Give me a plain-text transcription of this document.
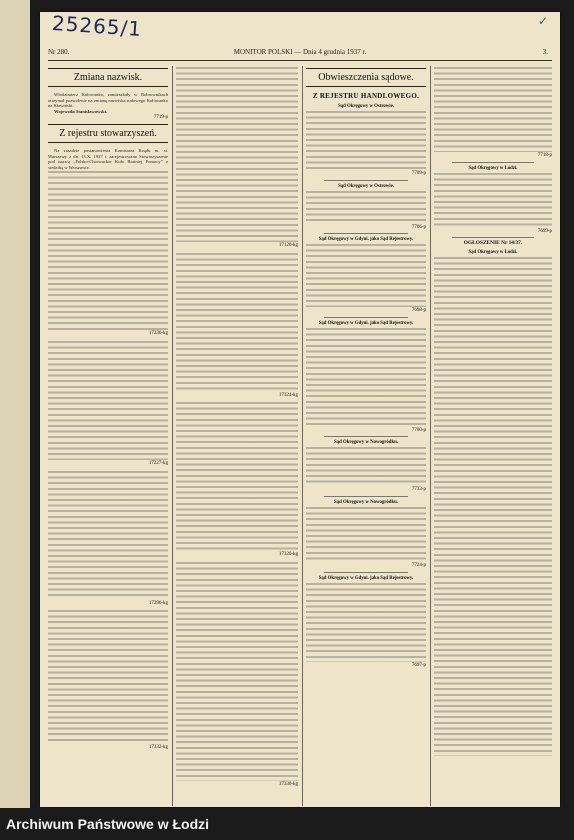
Nr 280.	MONITOR POLSKI — Dnia 4 grudnia 1937 r.	3.
Zmiana nazwisk.

Włodzimierz Kołowanko, zamieszkały w Bobrownikach otrzymał pozwolenie na zmianę nazwiska rodowego Kołowanko na Kławiński.

Wojewoda Stanisławowski.

7719-p
Z rejestru stowarzyszeń.

Na zasadzie postanowienia Komisarza Rządu m. st. Warszawy z dn. 13.X. 1937 r. zarejestrowano Stowarzyszenie pod nazwą „Polsko-Chorwackie Koło Bratniej Pomocy” z siedzibą w Warszawie.

17236-kg
17227-kg
17296-kg
17332-kg
17120-kg
17324-kg
17326-kg
17330-kg
Obwieszczenia sądowe.
Z REJESTRU HANDLOWEGO.
Sąd Okręgowy w Ostrowie.
7709-p
Sąd Okręgowy w Ostrowie.
7706-p
Sąd Okręgowy w Gdyni. jako Sąd Rejestrowy.
7698-p
Sąd Okręgowy w Gdyni. jako Sąd Rejestrowy.
7700-p
Sąd Okręgowy w Nowogródku.
7733-p
Sąd Okręgowy w Nowogródku.
7724-p
Sąd Okręgowy w Gdyni. jako Sąd Rejestrowy.
7697-p
7718-p
Sąd Okręgowy w Łodzi.
7699-p
OGŁOSZENIE Nr 14/37.
Sąd Okręgowy w Łodzi.
25265/1	✓
Archiwum Państwowe w Łodzi
